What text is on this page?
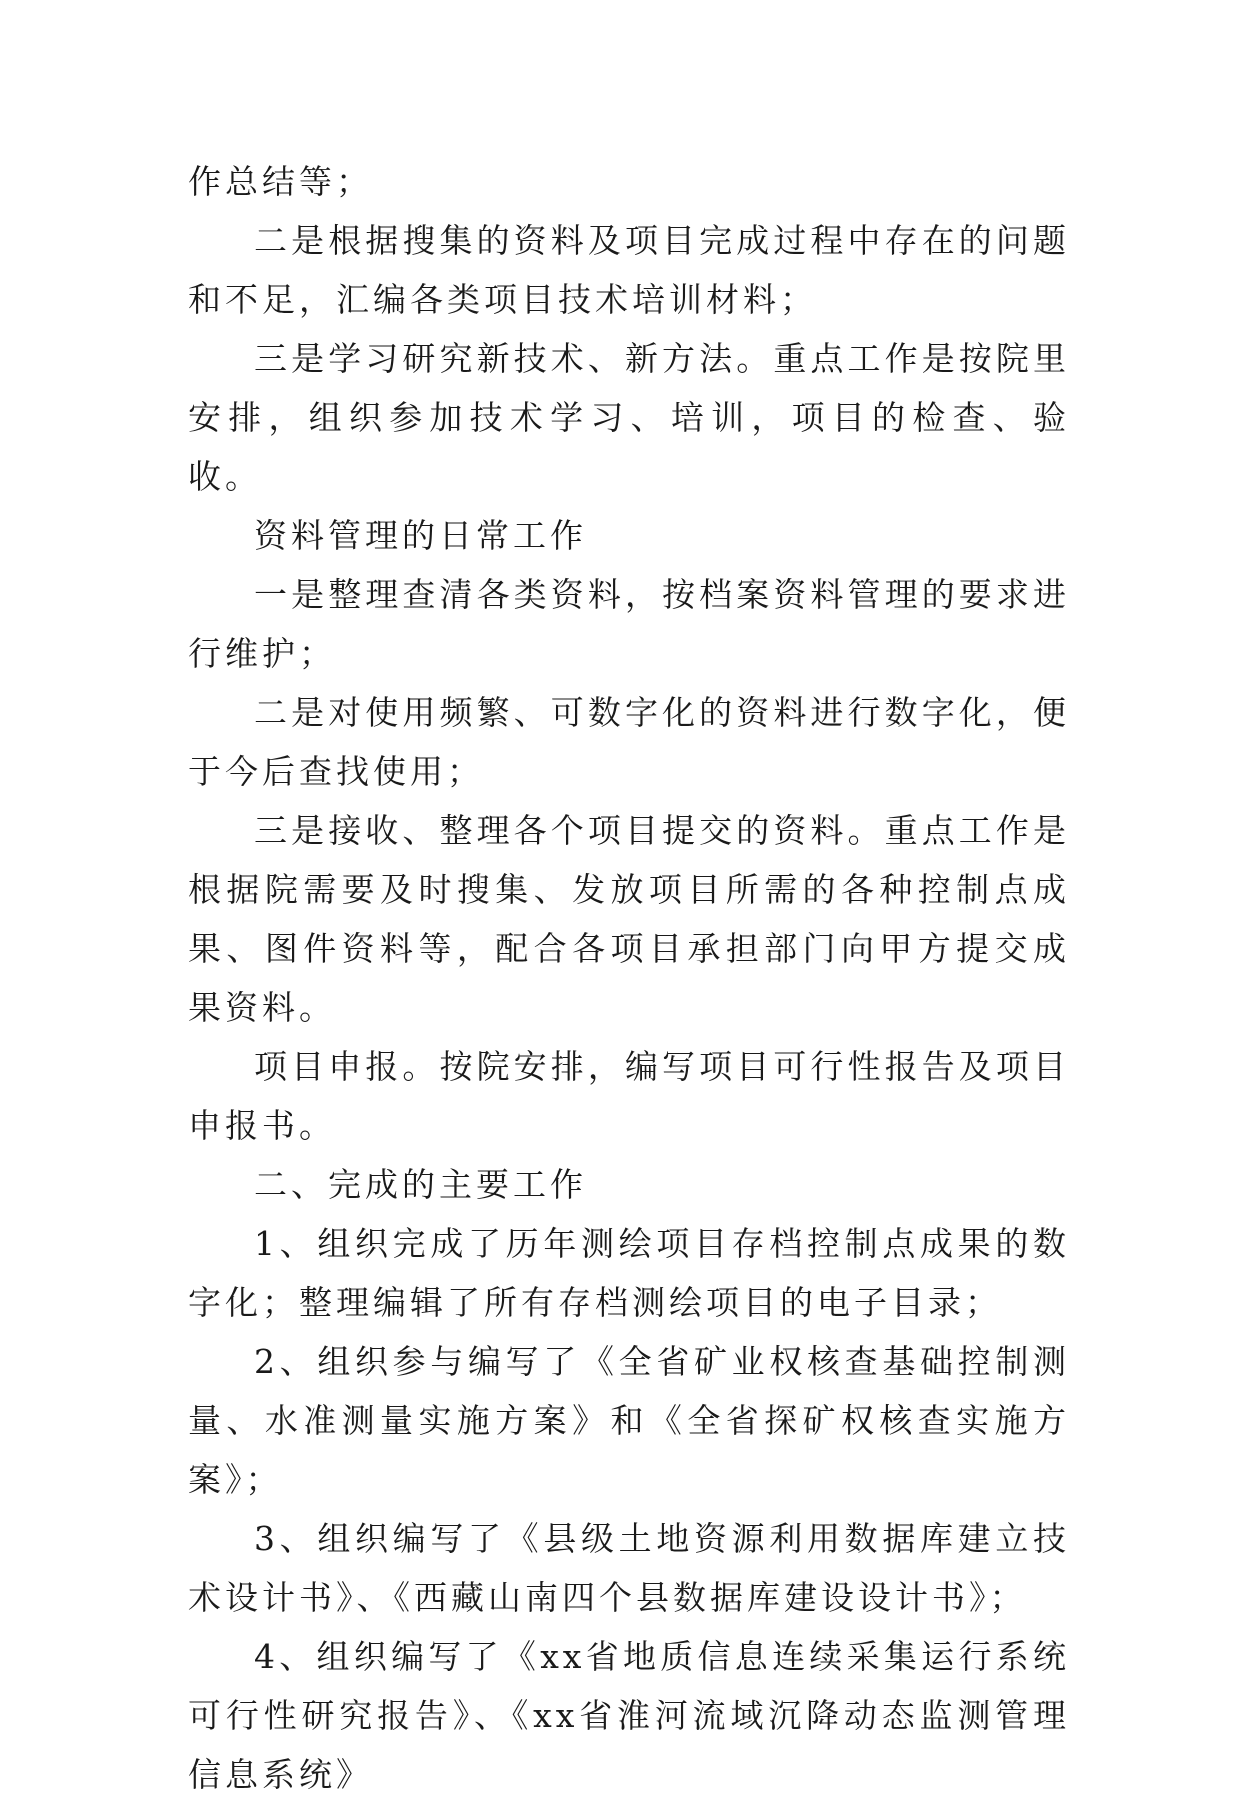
作总结等；

二是根据搜集的资料及项目完成过程中存在的问题和不足，汇编各类项目技术培训材料；

三是学习研究新技术、新方法。重点工作是按院里安排，组织参加技术学习、培训，项目的检查、验收。

资料管理的日常工作

一是整理查清各类资料，按档案资料管理的要求进行维护；

二是对使用频繁、可数字化的资料进行数字化，便于今后查找使用；

三是接收、整理各个项目提交的资料。重点工作是根据院需要及时搜集、发放项目所需的各种控制点成果、图件资料等，配合各项目承担部门向甲方提交成果资料。

项目申报。按院安排，编写项目可行性报告及项目申报书。

二、完成的主要工作

1、组织完成了历年测绘项目存档控制点成果的数字化；整理编辑了所有存档测绘项目的电子目录；

2、组织参与编写了《全省矿业权核查基础控制测量、水准测量实施方案》和《全省探矿权核查实施方案》；

3、组织编写了《县级土地资源利用数据库建立技术设计书》、《西藏山南四个县数据库建设设计书》；

4、组织编写了《xx省地质信息连续采集运行系统可行性研究报告》、《xx省淮河流域沉降动态监测管理信息系统》
